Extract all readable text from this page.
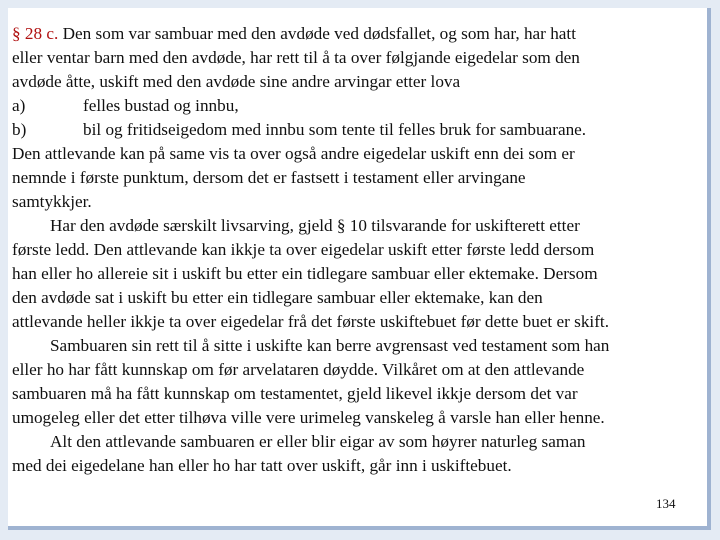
§ 28 c. Den som var sambuar med den avdøde ved dødsfallet, og som har, har hatt
eller ventar barn med den avdøde, har rett til å ta over følgjande eigedelar som den
avdøde åtte, uskift med den avdøde sine andre arvingar etter lova
a)	felles bustad og innbu,
b)	bil og fritidseigedom med innbu som tente til felles bruk for sambuarane.
Den attlevande kan på same vis ta over også andre eigedelar uskift enn dei som er
nemnde i første punktum, dersom det er fastsett i testament eller arvingane
samtykkjer.
Har den avdøde særskilt livsarving, gjeld § 10 tilsvarande for uskifterett etter
første ledd. Den attlevande kan ikkje ta over eigedelar uskift etter første ledd dersom
han eller ho allereie sit i uskift bu etter ein tidlegare sambuar eller ektemake. Dersom
den avdøde sat i uskift bu etter ein tidlegare sambuar eller ektemake, kan den
attlevande heller ikkje ta over eigedelar frå det første uskiftebuet før dette buet er skift.
Sambuaren sin rett til å sitte i uskifte kan berre avgrensast ved testament som han
eller ho har fått kunnskap om før arvelataren døydde. Vilkåret om at den attlevande
sambuaren må ha fått kunnskap om testamentet, gjeld likevel ikkje dersom det var
umogeleg eller det etter tilhøva ville vere urimeleg vanskeleg å varsle han eller henne.
Alt den attlevande sambuaren er eller blir eigar av som høyrer naturleg saman
med dei eigedelane han eller ho har tatt over uskift, går inn i uskiftebuet.
134
